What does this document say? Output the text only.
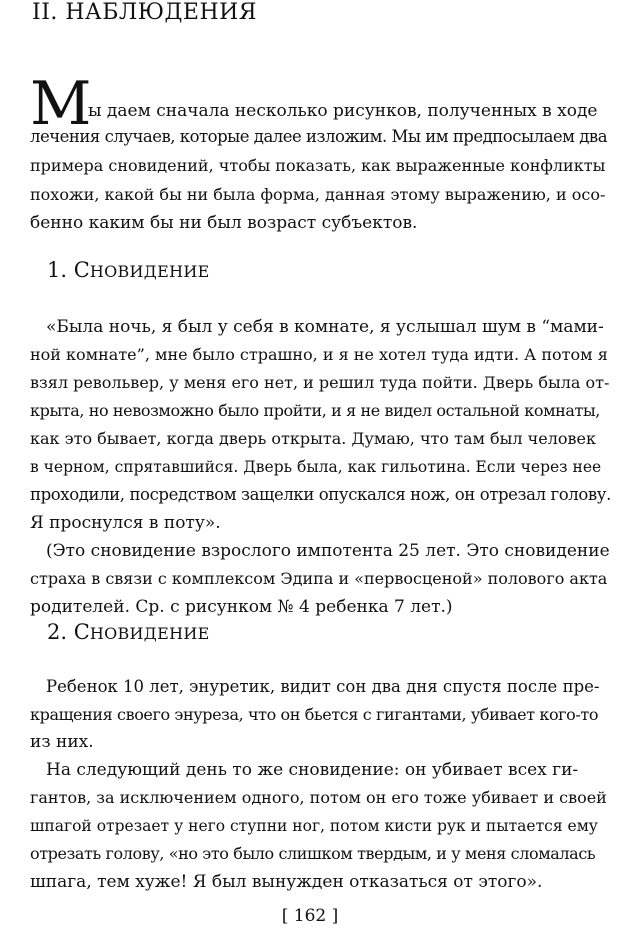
II. НАБЛЮДЕНИЯ
М
ы даем сначала несколько рисунков, полученных в ходе
лечения случаев, которые далее изложим. Мы им предпосылаем два
примера сновидений, чтобы показать, как выраженные конфликты
похожи, какой бы ни была форма, данная этому выражению, и осо-
бенно каким бы ни был возраст субъектов.
1. СНОВИДЕНИЕ
«Была ночь, я был у себя в комнате, я услышал шум в “мами-
ной комнате”, мне было страшно, и я не хотел туда идти. А потом я
взял револьвер, у меня его нет, и решил туда пойти. Дверь была от-
крыта, но невозможно было пройти, и я не видел остальной комнаты,
как это бывает, когда дверь открыта. Думаю, что там был человек
в черном, спрятавшийся. Дверь была, как гильотина. Если через нее
проходили, посредством защелки опускался нож, он отрезал голову.
Я проснулся в поту».
(Это сновидение взрослого импотента 25 лет. Это сновидение
страха в связи с комплексом Эдипа и «первосценой» полового акта
родителей. Ср. с рисунком № 4 ребенка 7 лет.)
2. СНОВИДЕНИЕ
Ребенок 10 лет, энуретик, видит сон два дня спустя после пре-
кращения своего энуреза, что он бьется с гигантами, убивает кого-то
из них.
На следующий день то же сновидение: он убивает всех ги-
гантов, за исключением одного, потом он его тоже убивает и своей
шпагой отрезает у него ступни ног, потом кисти рук и пытается ему
отрезать голову, «но это было слишком твердым, и у меня сломалась
шпага, тем хуже! Я был вынужден отказаться от этого».
[ 162 ]
